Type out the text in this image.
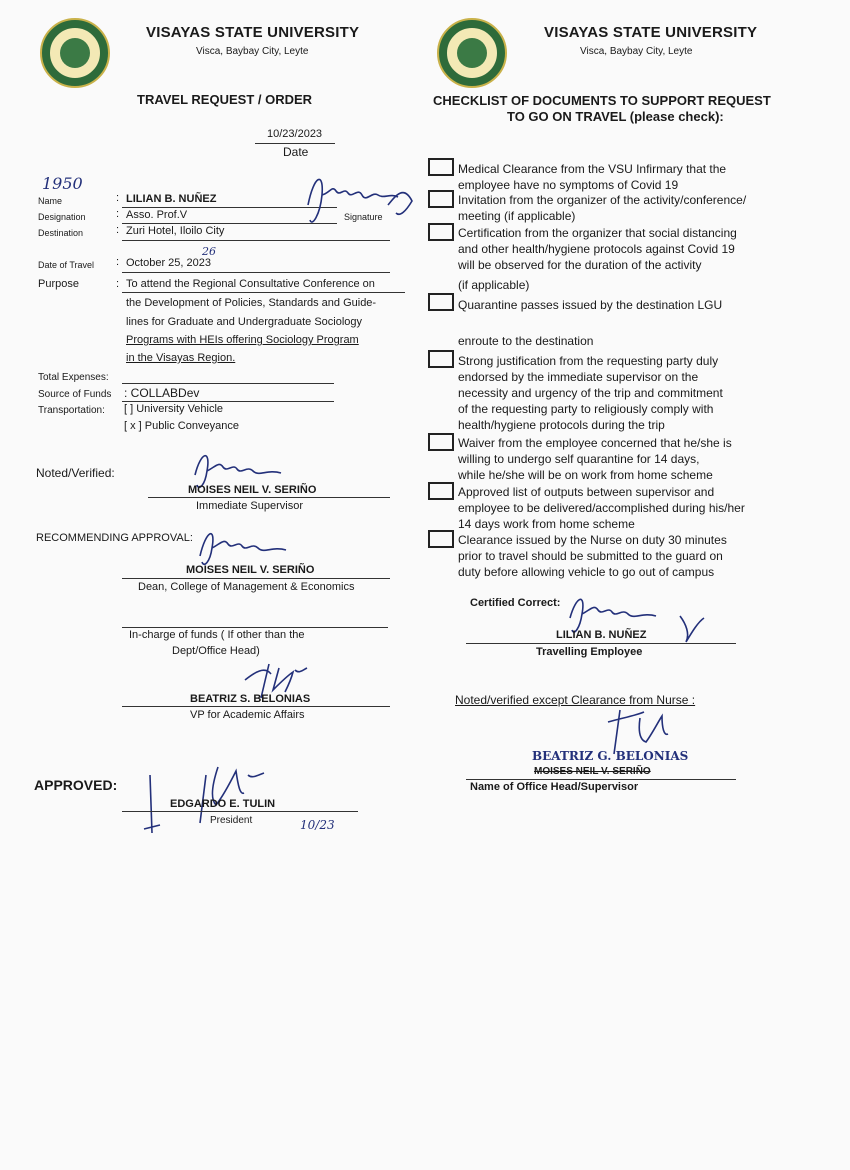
VISAYAS STATE UNIVERSITY
Visca, Baybay City, Leyte
TRAVEL REQUEST / ORDER
10/23/2023
Date
1950
Name	: LILIAN B. NUÑEZ
Signature
Designation	: Asso. Prof.V
Destination	: Zuri Hotel, Iloilo City
26
Date of Travel : October 25, 2023
Purpose	: To attend the Regional Consultative Conference on
the Development of Policies, Standards and Guide-
lines for Graduate and Undergraduate Sociology
Programs with HEIs offering Sociology Program
in the Visayas Region.
Total Expenses:
Source of Funds : COLLABDev
Transportation: [ ] University Vehicle
[ x ] Public Conveyance
Noted/Verified:
MOISES NEIL V. SERIÑO
Immediate Supervisor
RECOMMENDING APPROVAL:
MOISES NEIL V. SERIÑO
Dean, College of Management & Economics
In-charge of funds ( If other than the
Dept/Office Head)
BEATRIZ S. BELONIAS
VP for Academic Affairs
APPROVED:
EDGARDO E. TULIN
President	10/23
VISAYAS STATE UNIVERSITY
Visca, Baybay City, Leyte
CHECKLIST OF DOCUMENTS TO SUPPORT REQUEST
TO GO ON TRAVEL (please check):
Medical Clearance from the VSU Infirmary that the
employee have no symptoms of Covid 19
Invitation from the organizer of the activity/conference/
meeting (if applicable)
Certification from the organizer that social distancing
and other health/hygiene protocols against Covid 19
will be observed for the duration of the activity
(if applicable)
Quarantine passes issued by the destination LGU
enroute to the destination
Strong justification from the requesting party duly
endorsed by the immediate supervisor on the
necessity and urgency of the trip and commitment
of the requesting party to religiously comply with
health/hygiene protocols during the trip
Waiver from the employee concerned that he/she is
willing to undergo self quarantine for 14 days,
while he/she will be on work from home scheme
Approved list of outputs between supervisor and
employee to be delivered/accomplished during his/her
14 days work from home scheme
Clearance issued by the Nurse on duty 30 minutes
prior to travel should be submitted to the guard on
duty before allowing vehicle to go out of campus
Certified Correct:
LILIAN B. NUÑEZ
Travelling Employee
Noted/verified except Clearance from Nurse :
BEATRIZ G. BELONIAS
MOISES NEIL V. SERIÑO
Name of Office Head/Supervisor
